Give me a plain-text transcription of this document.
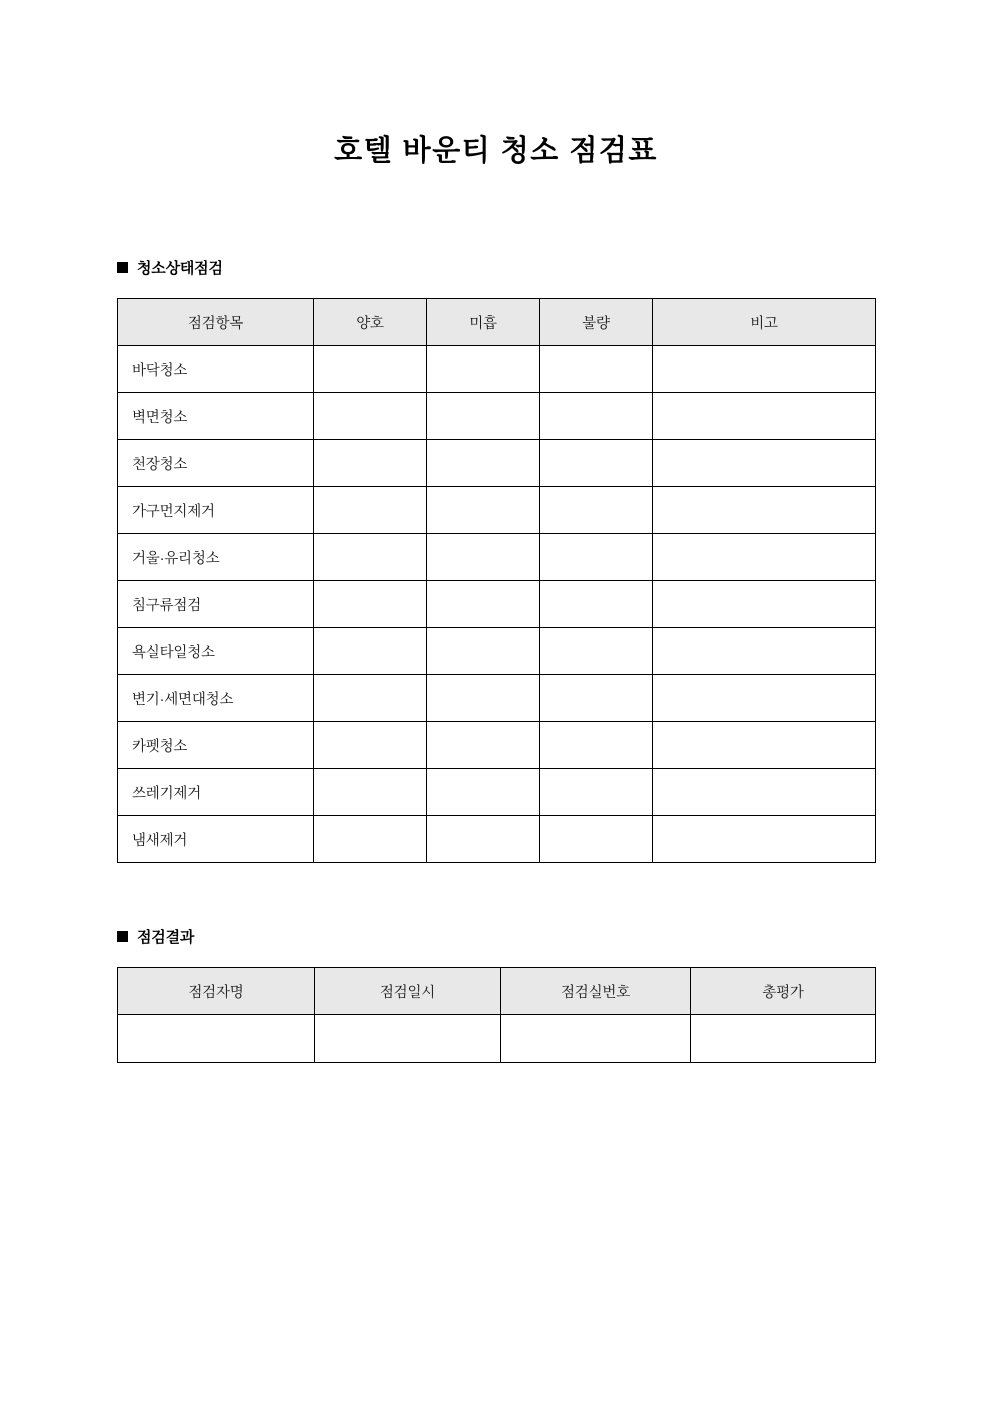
호텔 바운티 청소 점검표
청소상태점검
점검항목	양호	미흡	불량	비고
바닥청소				
벽면청소				
천장청소				
가구먼지제거				
거울·유리청소				
침구류점검				
욕실타일청소				
변기·세면대청소				
카펫청소				
쓰레기제거				
냄새제거				
점검결과
점검자명	점검일시	점검실번호	총평가
